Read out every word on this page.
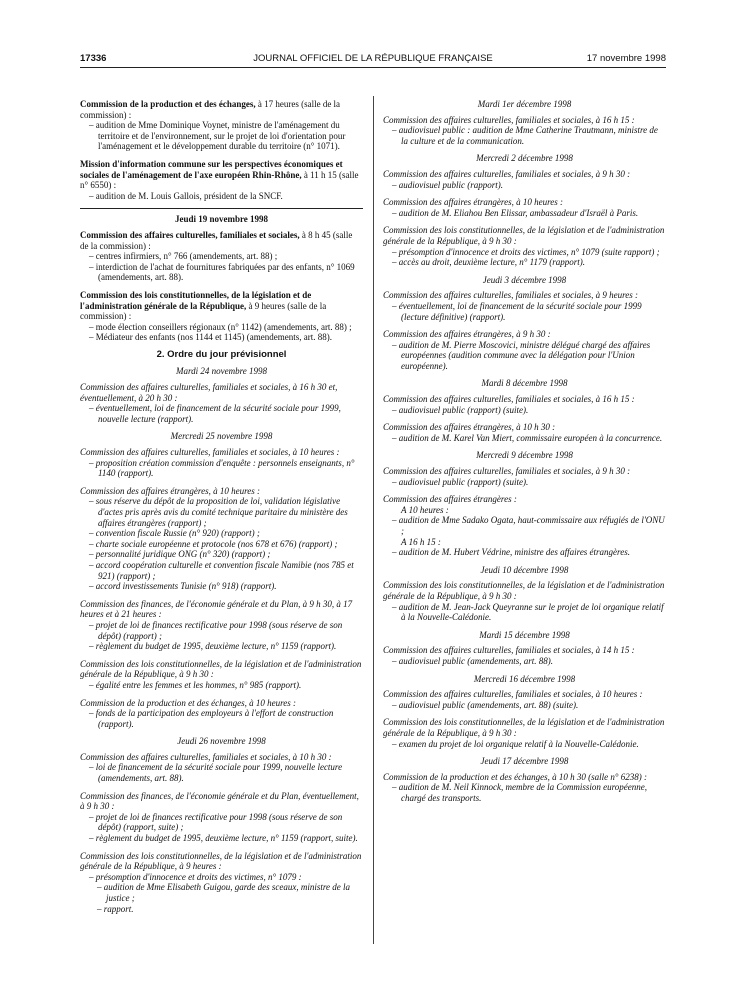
17336	JOURNAL OFFICIEL DE LA RÉPUBLIQUE FRANÇAISE	17 novembre 1998
Commission de la production et des échanges, à 17 heures (salle de la commission) :
– audition de Mme Dominique Voynet, ministre de l'aménagement du territoire et de l'environnement, sur le projet de loi d'orientation pour l'aménagement et le développement durable du territoire (n° 1071).
Mission d'information commune sur les perspectives économiques et sociales de l'aménagement de l'axe européen Rhin-Rhône, à 11 h 15 (salle n° 6550) :
– audition de M. Louis Gallois, président de la SNCF.
Jeudi 19 novembre 1998
Commission des affaires culturelles, familiales et sociales, à 8 h 45 (salle de la commission) :
– centres infirmiers, n° 766 (amendements, art. 88) ;
– interdiction de l'achat de fournitures fabriquées par des enfants, n° 1069 (amendements, art. 88).
Commission des lois constitutionnelles, de la législation et de l'administration générale de la République, à 9 heures (salle de la commission) :
– mode élection conseillers régionaux (n° 1142) (amendements, art. 88) ;
– Médiateur des enfants (nos 1144 et 1145) (amendements, art. 88).
2. Ordre du jour prévisionnel
Mardi 24 novembre 1998
Commission des affaires culturelles, familiales et sociales, à 16 h 30 et, éventuellement, à 20 h 30 :
– éventuellement, loi de financement de la sécurité sociale pour 1999, nouvelle lecture (rapport).
Mercredi 25 novembre 1998
Commission des affaires culturelles, familiales et sociales, à 10 heures :
– proposition création commission d'enquête : personnels enseignants, n° 1140 (rapport).
Commission des affaires étrangères, à 10 heures :
– sous réserve du dépôt de la proposition de loi, validation législative d'actes pris après avis du comité technique paritaire du ministère des affaires étrangères (rapport) ;
– convention fiscale Russie (n° 920) (rapport) ;
– charte sociale européenne et protocole (nos 678 et 676) (rapport) ;
– personnalité juridique ONG (n° 320) (rapport) ;
– accord coopération culturelle et convention fiscale Namibie (nos 785 et 921) (rapport) ;
– accord investissements Tunisie (n° 918) (rapport).
Commission des finances, de l'économie générale et du Plan, à 9 h 30, à 17 heures et à 21 heures :
– projet de loi de finances rectificative pour 1998 (sous réserve de son dépôt) (rapport) ;
– règlement du budget de 1995, deuxième lecture, n° 1159 (rapport).
Commission des lois constitutionnelles, de la législation et de l'administration générale de la République, à 9 h 30 :
– égalité entre les femmes et les hommes, n° 985 (rapport).
Commission de la production et des échanges, à 10 heures :
– fonds de la participation des employeurs à l'effort de construction (rapport).
Jeudi 26 novembre 1998
Commission des affaires culturelles, familiales et sociales, à 10 h 30 :
– loi de financement de la sécurité sociale pour 1999, nouvelle lecture (amendements, art. 88).
Commission des finances, de l'économie générale et du Plan, éventuellement, à 9 h 30 :
– projet de loi de finances rectificative pour 1998 (sous réserve de son dépôt) (rapport, suite) ;
– règlement du budget de 1995, deuxième lecture, n° 1159 (rapport, suite).
Commission des lois constitutionnelles, de la législation et de l'administration générale de la République, à 9 heures :
– présomption d'innocence et droits des victimes, n° 1079 :
– audition de Mme Elisabeth Guigou, garde des sceaux, ministre de la justice ;
– rapport.
Mardi 1er décembre 1998
Commission des affaires culturelles, familiales et sociales, à 16 h 15 :
– audiovisuel public : audition de Mme Catherine Trautmann, ministre de la culture et de la communication.
Mercredi 2 décembre 1998
Commission des affaires culturelles, familiales et sociales, à 9 h 30 :
– audiovisuel public (rapport).
Commission des affaires étrangères, à 10 heures :
– audition de M. Eliahou Ben Elissar, ambassadeur d'Israël à Paris.
Commission des lois constitutionnelles, de la législation et de l'administration générale de la République, à 9 h 30 :
– présomption d'innocence et droits des victimes, n° 1079 (suite rapport) ;
– accès au droit, deuxième lecture, n° 1179 (rapport).
Jeudi 3 décembre 1998
Commission des affaires culturelles, familiales et sociales, à 9 heures :
– éventuellement, loi de financement de la sécurité sociale pour 1999 (lecture définitive) (rapport).
Commission des affaires étrangères, à 9 h 30 :
– audition de M. Pierre Moscovici, ministre délégué chargé des affaires européennes (audition commune avec la délégation pour l'Union européenne).
Mardi 8 décembre 1998
Commission des affaires culturelles, familiales et sociales, à 16 h 15 :
– audiovisuel public (rapport) (suite).
Commission des affaires étrangères, à 10 h 30 :
– audition de M. Karel Van Miert, commissaire européen à la concurrence.
Mercredi 9 décembre 1998
Commission des affaires culturelles, familiales et sociales, à 9 h 30 :
– audiovisuel public (rapport) (suite).
Commission des affaires étrangères :
A 10 heures :
– audition de Mme Sadako Ogata, haut-commissaire aux réfugiés de l'ONU ;
A 16 h 15 :
– audition de M. Hubert Védrine, ministre des affaires étrangères.
Jeudi 10 décembre 1998
Commission des lois constitutionnelles, de la législation et de l'administration générale de la République, à 9 h 30 :
– audition de M. Jean-Jack Queyranne sur le projet de loi organique relatif à la Nouvelle-Calédonie.
Mardi 15 décembre 1998
Commission des affaires culturelles, familiales et sociales, à 14 h 15 :
– audiovisuel public (amendements, art. 88).
Mercredi 16 décembre 1998
Commission des affaires culturelles, familiales et sociales, à 10 heures :
– audiovisuel public (amendements, art. 88) (suite).
Commission des lois constitutionnelles, de la législation et de l'administration générale de la République, à 9 h 30 :
– examen du projet de loi organique relatif à la Nouvelle-Calédonie.
Jeudi 17 décembre 1998
Commission de la production et des échanges, à 10 h 30 (salle n° 6238) :
– audition de M. Neil Kinnock, membre de la Commission européenne, chargé des transports.
